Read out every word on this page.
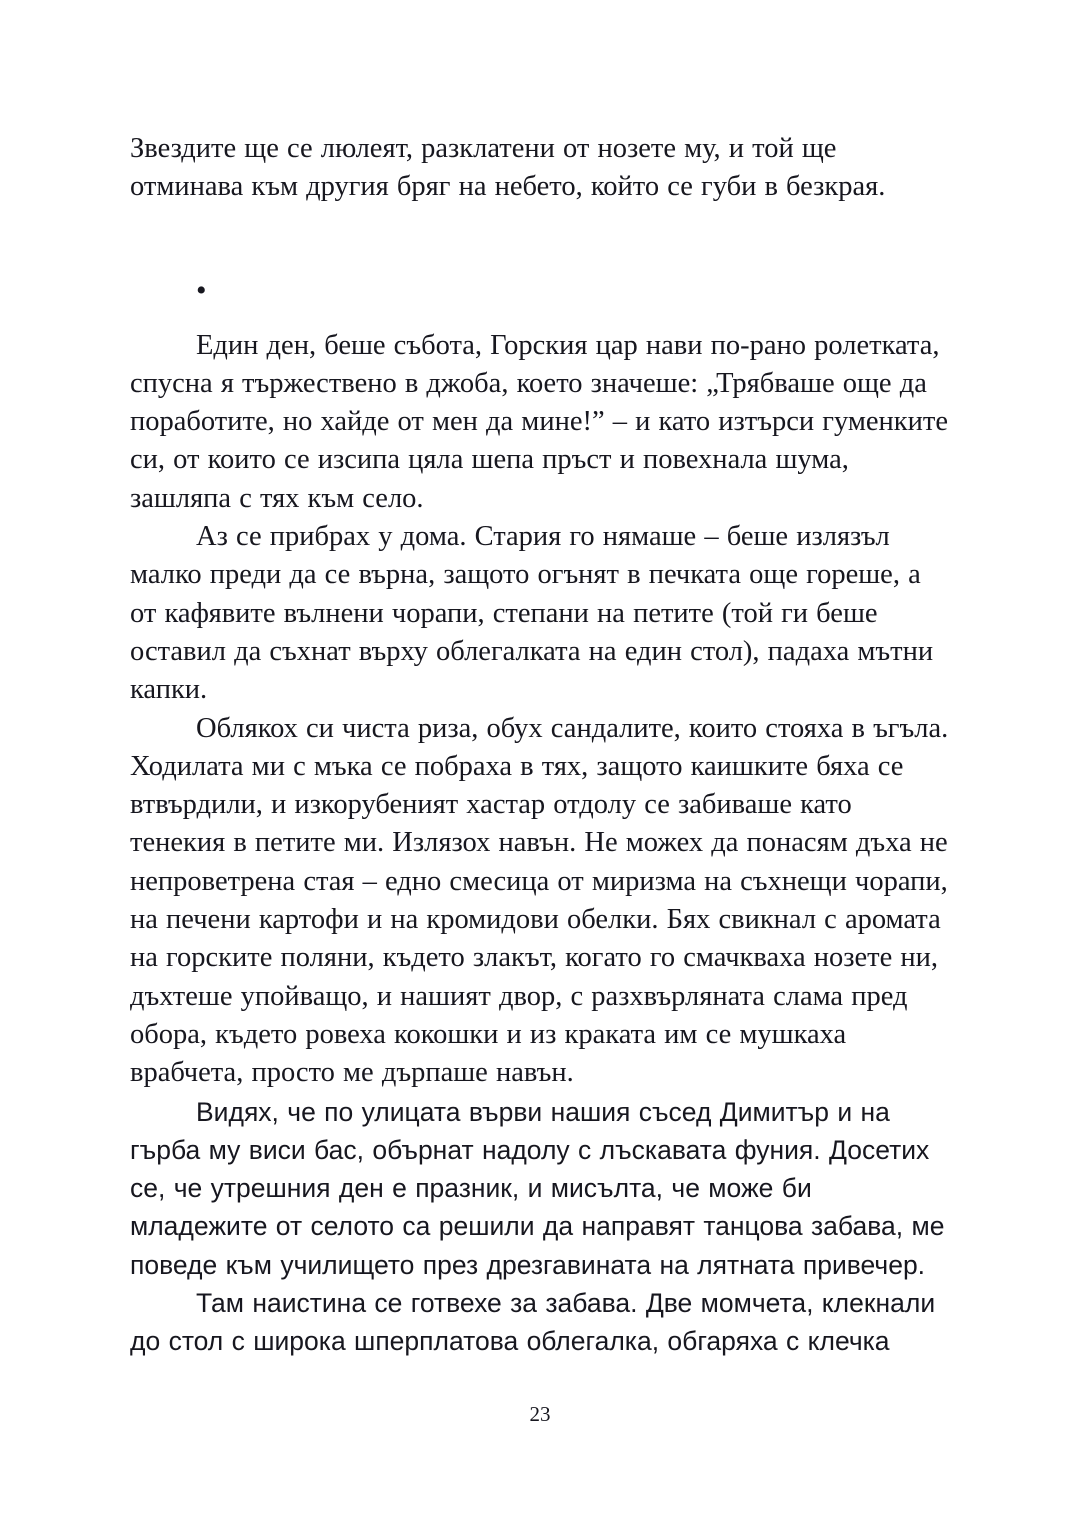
Звездите ще се люлеят, разклатени от нозете му, и той ще отминава към другия бряг на небето, който се губи в безкрая.

•

Един ден, беше събота, Горския цар нави по-рано ролетката, спусна я тържествено в джоба, което значеше: „Трябваше още да поработите, но хайде от мен да мине!” – и като изтърси гуменките си, от които се изсипа цяла шепа пръст и повехнала шума, зашляпа с тях към село.

Аз се прибрах у дома. Стария го нямаше – беше излязъл малко преди да се върна, защото огънят в печката още гореше, а от кафявите вълнени чорапи, степани на петите (той ги беше оставил да съхнат върху облегалката на един стол), падаха мътни капки.

Облякох си чиста риза, обух сандалите, които стояха в ъгъла. Ходилата ми с мъка се побраха в тях, защото каишките бяха се втвърдили, и изкорубеният хастар отдолу се забиваше като тенекия в петите ми. Излязох навън. Не можех да понасям дъха не непроветрена стая – едно смесица от миризма на съхнещи чорапи, на печени картофи и на кромидови обелки. Бях свикнал с аромата на горските поляни, където злакът, когато го смачкваха нозете ни, дъхтеше упойващо, и нашият двор, с разхвърляната слама пред обора, където ровеха кокошки и из краката им се мушкаха врабчета, просто ме дърпаше навън.

Видях, че по улицата върви нашия съсед Димитър и на гърба му виси бас, обърнат надолу с лъскавата фуния. Досетих се, че утрешния ден е празник, и мисълта, че може би младежите от селото са решили да направят танцова забава, ме поведе към училището през дрезгавината на лятната привечер.

Там наистина се готвехе за забава. Две момчета, клекнали до стол с широка шперплатова облегалка, обгаряха с клечка

23
